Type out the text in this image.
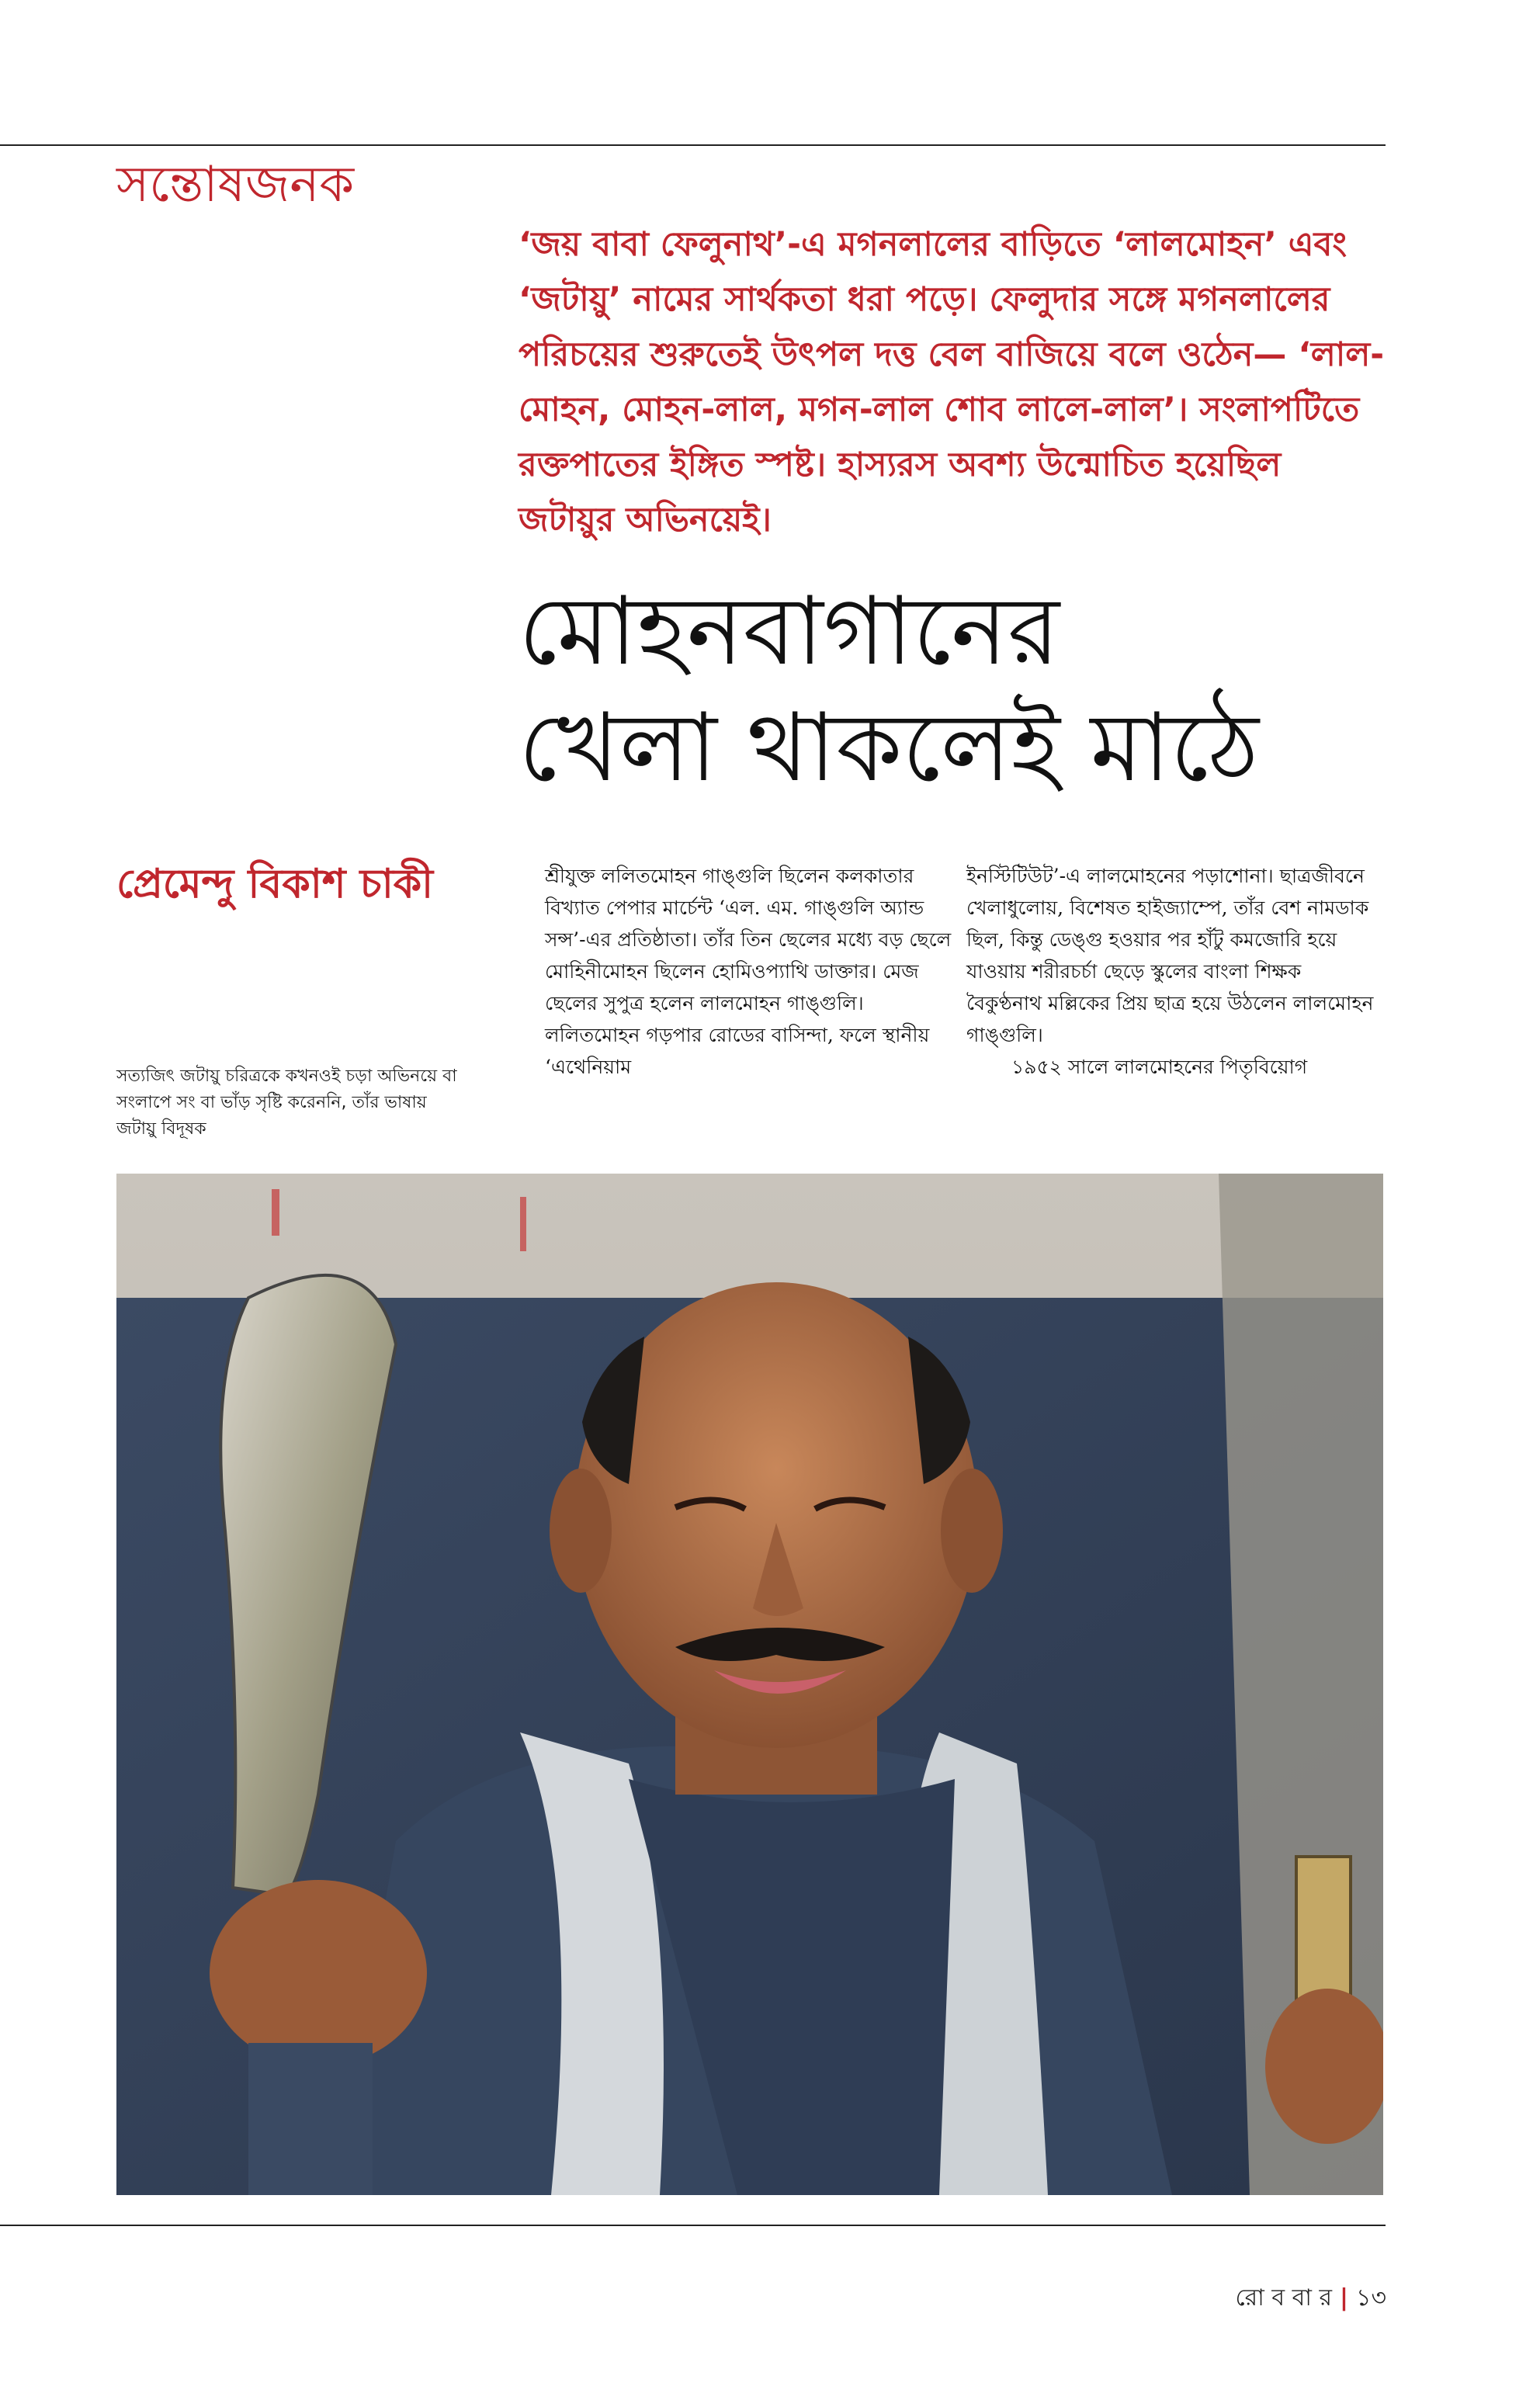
সন্তোষজনক
‘জয় বাবা ফেলুনাথ’-এ মগনলালের বাড়িতে ‘লালমোহন’ এবং ‘জটায়ু’ নামের সার্থকতা ধরা পড়ে। ফেলুদার সঙ্গে মগনলালের পরিচয়ের শুরুতেই উৎপল দত্ত বেল বাজিয়ে বলে ওঠেন— ‘লাল-মোহন, মোহন-লাল, মগন-লাল শোব লালে-লাল’। সংলাপটিতে রক্তপাতের ইঙ্গিত স্পষ্ট। হাস্যরস অবশ্য উন্মোচিত হয়েছিল জটায়ুর অভিনয়েই।
মোহনবাগানের
খেলা থাকলেই মাঠে
প্রেমেন্দু বিকাশ চাকী
সত্যজিৎ জটায়ু চরিত্রকে কখনওই চড়া অভিনয়ে বা সংলাপে সং বা ভাঁড় সৃষ্টি করেননি, তাঁর ভাষায় জটায়ু বিদূষক

শ্রীযুক্ত ললিতমোহন গাঙ্গুলি ছিলেন কলকাতার বিখ্যাত পেপার মার্চেন্ট ‘এল. এম. গাঙ্গুলি অ্যান্ড সন্স’-এর প্রতিষ্ঠাতা। তাঁর তিন ছেলের মধ্যে বড় ছেলে মোহিনীমোহন ছিলেন হোমিওপ্যাথি ডাক্তার। মেজ ছেলের সুপুত্র হলেন লালমোহন গাঙ্গুলি। ললিতমোহন গড়পার রোডের বাসিন্দা, ফলে স্থানীয় ‘এথেনিয়াম

ইনস্টিটিউট’-এ লালমোহনের পড়াশোনা। ছাত্রজীবনে খেলাধুলোয়, বিশেষত হাইজ্যাম্পে, তাঁর বেশ নামডাক ছিল, কিন্তু ডেঙ্গু হওয়ার পর হাঁটু কমজোরি হয়ে যাওয়ায় শরীরচর্চা ছেড়ে স্কুলের বাংলা শিক্ষক বৈকুণ্ঠনাথ মল্লিকের প্রিয় ছাত্র হয়ে উঠলেন লালমোহন গাঙ্গুলি।

১৯৫২ সালে লালমোহনের পিতৃবিয়োগ

রো ব বা র | ১৩
